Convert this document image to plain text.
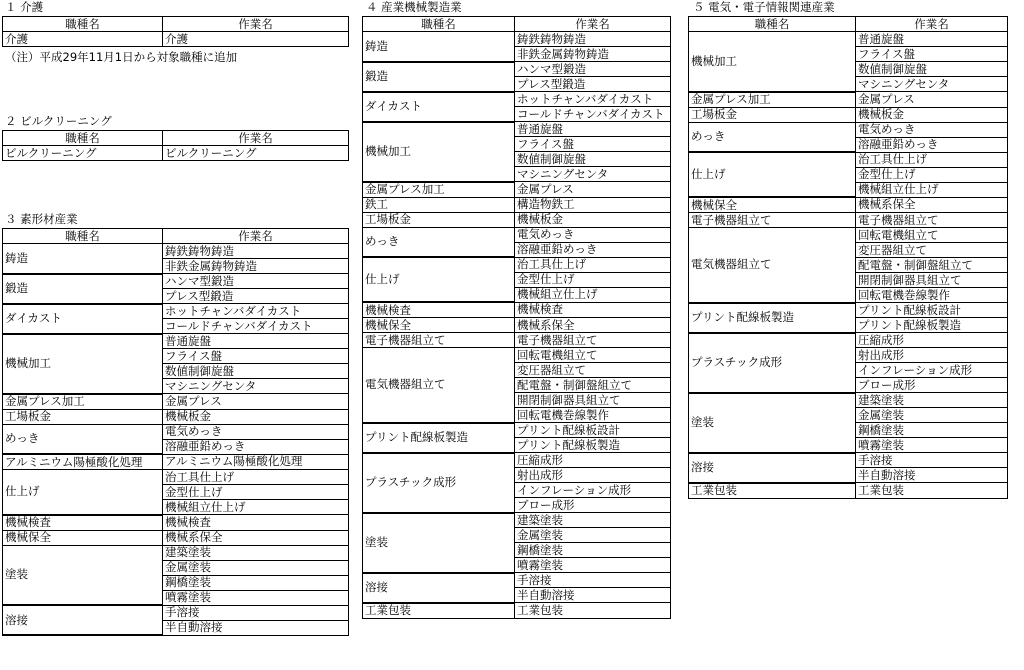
１ 介護
職種名	作業名
介護	介護

（注）平成29年11月1日から対象職種に追加

２ ビルクリーニング
職種名	作業名
ビルクリーニング	ビルクリーニング
３ 素形材産業
職種名	作業名
鋳造	鋳鉄鋳物鋳造
	非鉄金属鋳物鋳造
鍛造	ハンマ型鍛造
	プレス型鍛造
ダイカスト	ホットチャンバダイカスト
	コールドチャンバダイカスト
機械加工	普通旋盤
	フライス盤
	数値制御旋盤
	マシニングセンタ
金属プレス加工	金属プレス
工場板金	機械板金
めっき	電気めっき
	溶融亜鉛めっき
アルミニウム陽極酸化処理	アルミニウム陽極酸化処理
仕上げ	治工具仕上げ
	金型仕上げ
	機械組立仕上げ
機械検査	機械検査
機械保全	機械系保全
塗装	建築塗装
	金属塗装
	鋼橋塗装
	噴霧塗装
溶接	手溶接
	半自動溶接
４ 産業機械製造業
職種名	作業名
鋳造	鋳鉄鋳物鋳造
	非鉄金属鋳物鋳造
鍛造	ハンマ型鍛造
	プレス型鍛造
ダイカスト	ホットチャンバダイカスト
	コールドチャンバダイカスト
機械加工	普通旋盤
	フライス盤
	数値制御旋盤
	マシニングセンタ
金属プレス加工	金属プレス
鉄工	構造物鉄工
工場板金	機械板金
めっき	電気めっき
	溶融亜鉛めっき
仕上げ	治工具仕上げ
	金型仕上げ
	機械組立仕上げ
機械検査	機械検査
機械保全	機械系保全
電子機器組立て	電子機器組立て
電気機器組立て	回転電機組立て
	変圧器組立て
	配電盤・制御盤組立て
	開閉制御器具組立て
	回転電機巻線製作
プリント配線板製造	プリント配線板設計
	プリント配線板製造
プラスチック成形	圧縮成形
	射出成形
	インフレーション成形
	ブロー成形
塗装	建築塗装
	金属塗装
	鋼橋塗装
	噴霧塗装
溶接	手溶接
	半自動溶接
工業包装	工業包装
５ 電気・電子情報関連産業
職種名	作業名
機械加工	普通旋盤
	フライス盤
	数値制御旋盤
	マシニングセンタ
金属プレス加工	金属プレス
工場板金	機械板金
めっき	電気めっき
	溶融亜鉛めっき
仕上げ	治工具仕上げ
	金型仕上げ
	機械組立仕上げ
機械保全	機械系保全
電子機器組立て	電子機器組立て
電気機器組立て	回転電機組立て
	変圧器組立て
	配電盤・制御盤組立て
	開閉制御器具組立て
	回転電機巻線製作
プリント配線板製造	プリント配線板設計
	プリント配線板製造
プラスチック成形	圧縮成形
	射出成形
	インフレーション成形
	ブロー成形
塗装	建築塗装
	金属塗装
	鋼橋塗装
	噴霧塗装
溶接	手溶接
	半自動溶接
工業包装	工業包装
